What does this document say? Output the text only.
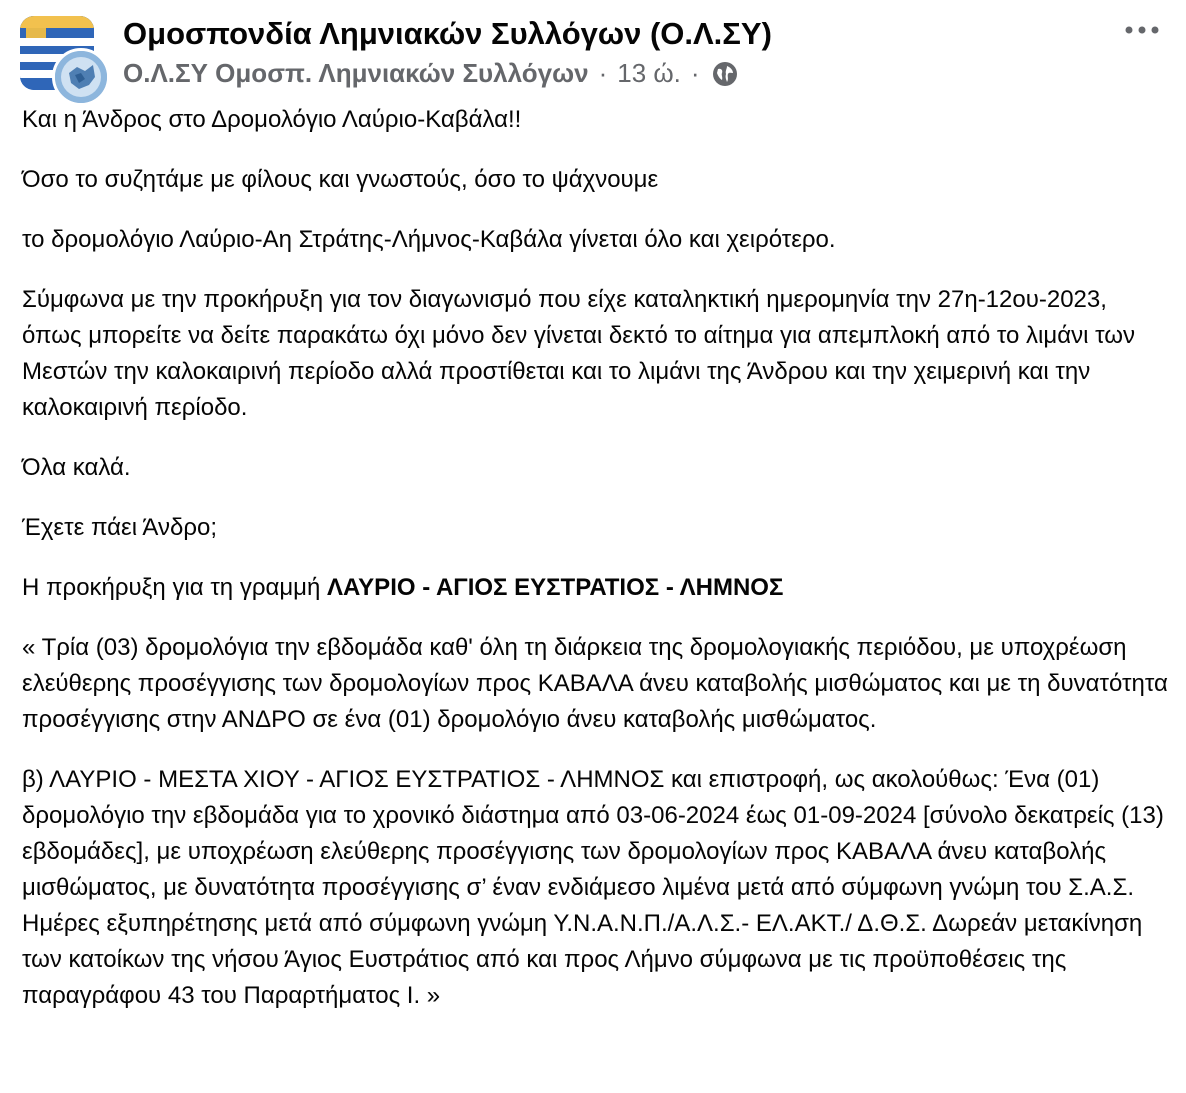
Ομοσπονδία Λημνιακών Συλλόγων (Ο.Λ.ΣΥ)
Ο.Λ.ΣΥ Ομοσπ. Λημνιακών Συλλόγων · 13 ώ. ·

Και η Άνδρος στο Δρομολόγιο Λαύριο-Καβάλα!!

Όσο το συζητάμε με φίλους και γνωστούς, όσο το ψάχνουμε

το δρομολόγιο Λαύριο-Αη Στράτης-Λήμνος-Καβάλα γίνεται όλο και χειρότερο.

Σύμφωνα με την προκήρυξη για τον διαγωνισμό που είχε καταληκτική ημερομηνία την 27η-12ου-2023, όπως μπορείτε να δείτε παρακάτω όχι μόνο δεν γίνεται δεκτό το αίτημα για απεμπλοκή από το λιμάνι των Μεστών την καλοκαιρινή περίοδο αλλά προστίθεται και το λιμάνι της Άνδρου και την χειμερινή και την καλοκαιρινή περίοδο.

Όλα καλά.

Έχετε πάει Άνδρο;

Η προκήρυξη για τη γραμμή ΛΑΥΡΙΟ - ΑΓΙΟΣ ΕΥΣΤΡΑΤΙΟΣ - ΛΗΜΝΟΣ

« Τρία (03) δρομολόγια την εβδομάδα καθ' όλη τη διάρκεια της δρομολογιακής περιόδου, με υποχρέωση ελεύθερης προσέγγισης των δρομολογίων προς ΚΑΒΑΛΑ άνευ καταβολής μισθώματος και με τη δυνατότητα προσέγγισης στην ΑΝΔΡΟ σε ένα (01) δρομολόγιο άνευ καταβολής μισθώματος.

β) ΛΑΥΡΙΟ - ΜΕΣΤΑ ΧΙΟΥ - ΑΓΙΟΣ ΕΥΣΤΡΑΤΙΟΣ - ΛΗΜΝΟΣ και επιστροφή, ως ακολούθως: Ένα (01) δρομολόγιο την εβδομάδα για το χρονικό διάστημα από 03-06-2024 έως 01-09-2024 [σύνολο δεκατρείς (13) εβδομάδες], με υποχρέωση ελεύθερης προσέγγισης των δρομολογίων προς ΚΑΒΑΛΑ άνευ καταβολής μισθώματος, με δυνατότητα προσέγγισης σ’ έναν ενδιάμεσο λιμένα μετά από σύμφωνη γνώμη του Σ.Α.Σ. Ημέρες εξυπηρέτησης μετά από σύμφωνη γνώμη Υ.Ν.Α.Ν.Π./Α.Λ.Σ.- ΕΛ.ΑΚΤ./ Δ.Θ.Σ. Δωρεάν μετακίνηση των κατοίκων της νήσου Άγιος Ευστράτιος από και προς Λήμνο σύμφωνα με τις προϋποθέσεις της παραγράφου 43 του Παραρτήματος Ι. »
